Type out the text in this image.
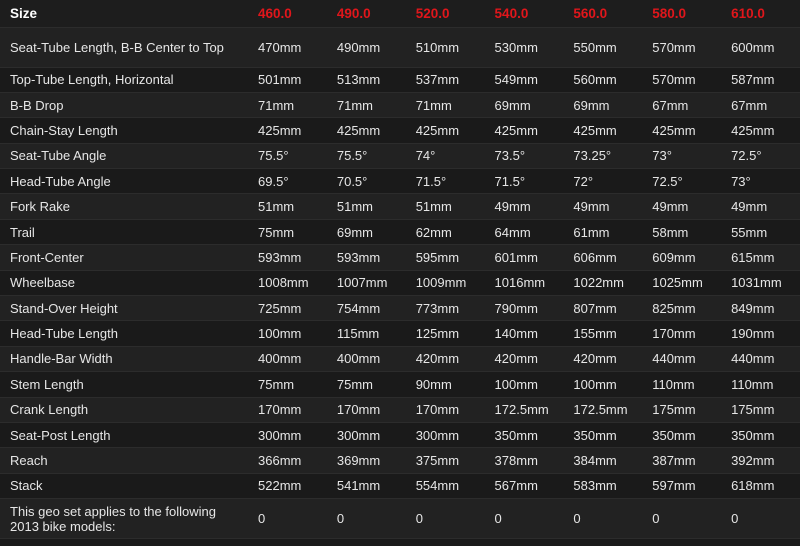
Size	460.0	490.0	520.0	540.0	560.0	580.0	610.0
Seat-Tube Length, B-B Center to Top	470mm	490mm	510mm	530mm	550mm	570mm	600mm
Top-Tube Length, Horizontal	501mm	513mm	537mm	549mm	560mm	570mm	587mm
B-B Drop	71mm	71mm	71mm	69mm	69mm	67mm	67mm
Chain-Stay Length	425mm	425mm	425mm	425mm	425mm	425mm	425mm
Seat-Tube Angle	75.5°	75.5°	74°	73.5°	73.25°	73°	72.5°
Head-Tube Angle	69.5°	70.5°	71.5°	71.5°	72°	72.5°	73°
Fork Rake	51mm	51mm	51mm	49mm	49mm	49mm	49mm
Trail	75mm	69mm	62mm	64mm	61mm	58mm	55mm
Front-Center	593mm	593mm	595mm	601mm	606mm	609mm	615mm
Wheelbase	1008mm	1007mm	1009mm	1016mm	1022mm	1025mm	1031mm
Stand-Over Height	725mm	754mm	773mm	790mm	807mm	825mm	849mm
Head-Tube Length	100mm	115mm	125mm	140mm	155mm	170mm	190mm
Handle-Bar Width	400mm	400mm	420mm	420mm	420mm	440mm	440mm
Stem Length	75mm	75mm	90mm	100mm	100mm	110mm	110mm
Crank Length	170mm	170mm	170mm	172.5mm	172.5mm	175mm	175mm
Seat-Post Length	300mm	300mm	300mm	350mm	350mm	350mm	350mm
Reach	366mm	369mm	375mm	378mm	384mm	387mm	392mm
Stack	522mm	541mm	554mm	567mm	583mm	597mm	618mm
This geo set applies to the following 2013 bike models:	0	0	0	0	0	0	0
